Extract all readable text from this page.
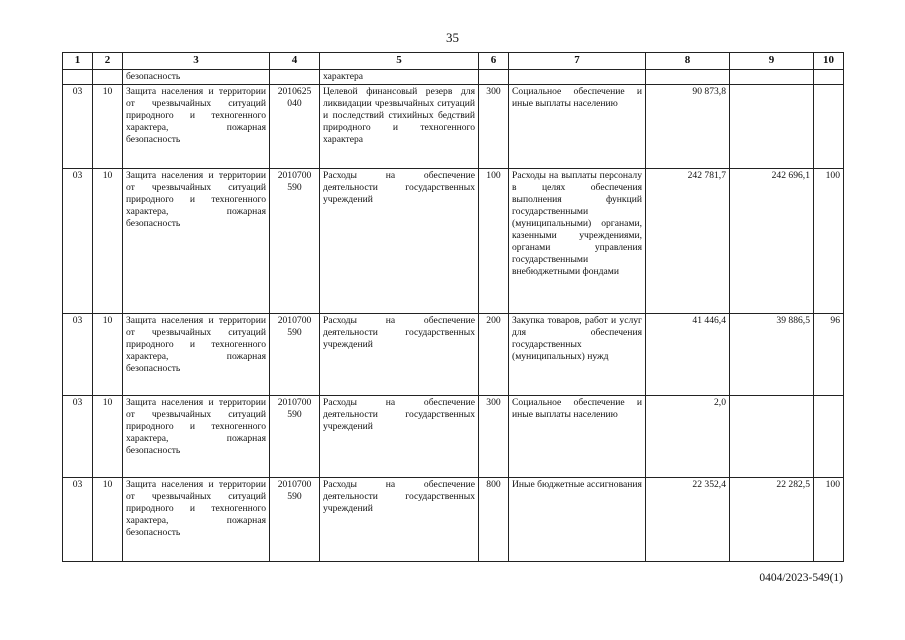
35
1	2	3	4	5	6	7	8	9	10
		безопасность		характера					
03	10	Защита населения и территории от чрезвычайных ситуаций природного и техногенного характера, пожарная безопасность	2010625 040	Целевой финансовый резерв для ликвидации чрезвычайных ситуаций и последствий стихийных бедствий природного и техногенного характера	300	Социальное обеспечение и иные выплаты населению	90 873,8		
03	10	Защита населения и территории от чрезвычайных ситуаций природного и техногенного характера, пожарная безопасность	2010700 590	Расходы на обеспечение деятельности государственных учреждений	100	Расходы на выплаты персоналу в целях обеспечения выполнения функций государственными (муниципальными) органами, казенными учреждениями, органами управления государственными внебюджетными фондами	242 781,7	242 696,1	100
03	10	Защита населения и территории от чрезвычайных ситуаций природного и техногенного характера, пожарная безопасность	2010700 590	Расходы на обеспечение деятельности государственных учреждений	200	Закупка товаров, работ и услуг для обеспечения государственных (муниципальных) нужд	41 446,4	39 886,5	96
03	10	Защита населения и территории от чрезвычайных ситуаций природного и техногенного характера, пожарная безопасность	2010700 590	Расходы на обеспечение деятельности государственных учреждений	300	Социальное обеспечение и иные выплаты населению	2,0		
03	10	Защита населения и территории от чрезвычайных ситуаций природного и техногенного характера, пожарная безопасность	2010700 590	Расходы на обеспечение деятельности государственных учреждений	800	Иные бюджетные ассигнования	22 352,4	22 282,5	100
0404/2023-549(1)
